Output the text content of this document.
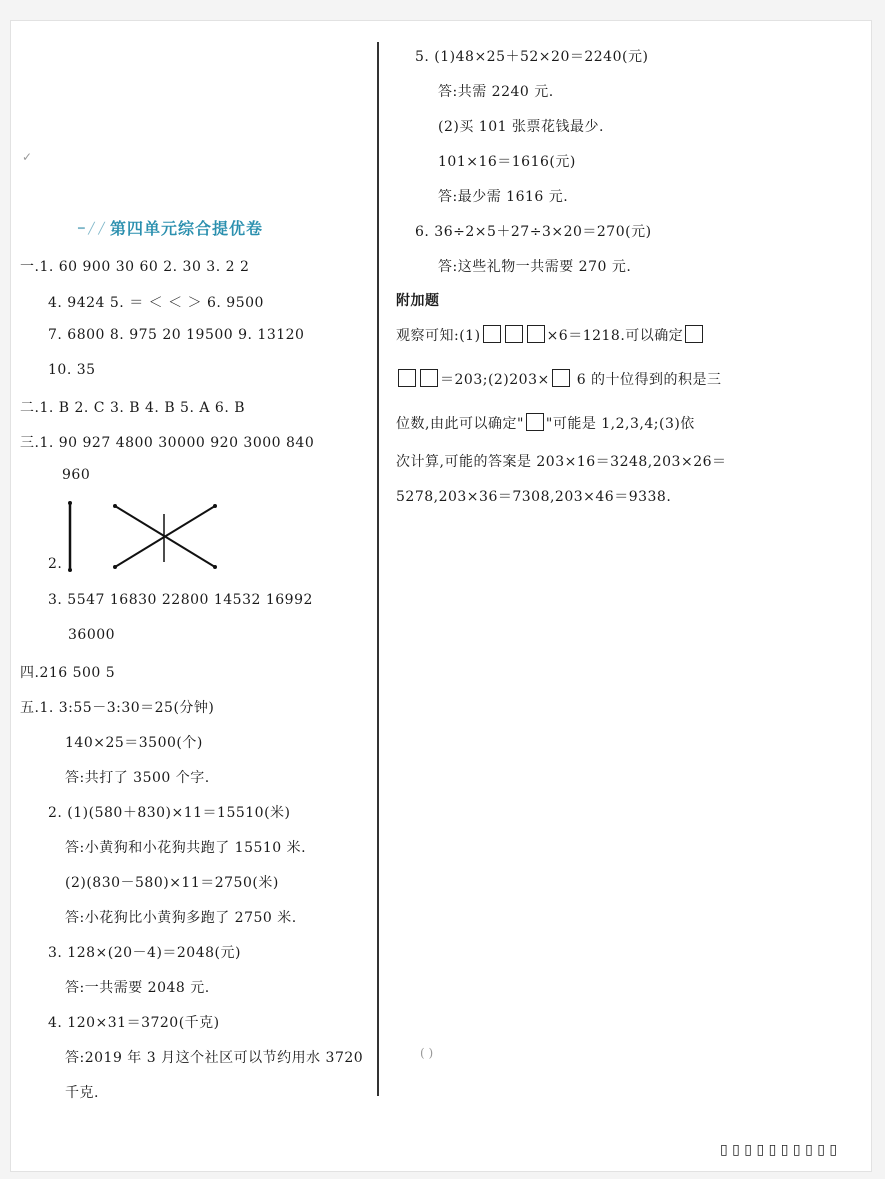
━ ╱ ╱ 第四单元综合提优卷
一.1. 60 900 30 60 2. 30 3. 2 2
4. 9424 5. ＝ ＜ ＜ ＞ 6. 9500
7. 6800 8. 975 20 19500 9. 13120
10. 35
二.1. B 2. C 3. B 4. B 5. A 6. B
三.1. 90 927 4800 30000 920 3000 840
960
2.
3. 5547 16830 22800 14532 16992
36000
四.216 500 5
五.1. 3:55－3:30＝25(分钟)
140×25＝3500(个)
答:共打了 3500 个字.
2. (1)(580＋830)×11＝15510(米)
答:小黄狗和小花狗共跑了 15510 米.
(2)(830－580)×11＝2750(米)
答:小花狗比小黄狗多跑了 2750 米.
3. 128×(20－4)＝2048(元)
答:一共需要 2048 元.
4. 120×31＝3720(千克)
答:2019 年 3 月这个社区可以节约用水 3720
千克.
5. (1)48×25＋52×20＝2240(元)
答:共需 2240 元.
(2)买 101 张票花钱最少.
101×16＝1616(元)
答:最少需 1616 元.
6. 36÷2×5＋27÷3×20＝270(元)
答:这些礼物一共需要 270 元.
附加题
观察可知:(1)	×6＝1218.可以确定
＝203;(2)203× 6 的十位得到的积是三
位数,由此可以确定" "可能是 1,2,3,4;(3)依
次计算,可能的答案是 203×16＝3248,203×26＝
5278,203×36＝7308,203×46＝9338.
✓
( )
▯ ▯ ▯ ▯ ▯ ▯ ▯ ▯ ▯ ▯
